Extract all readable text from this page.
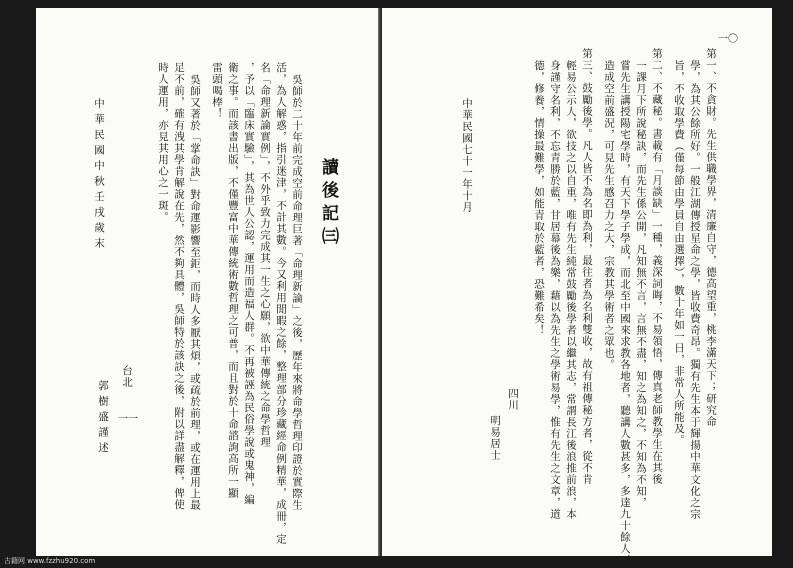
一〇
第一、不貪財。先生供職學界，清廉自守，德高望重，桃李滿天下；研究命
學，為其公餘所好。一般江湖傳授星命之學，皆收費奇昂。獨有先生本于輝揚中華文化之宗
旨，不收取學費（僅每節由學員自由選擇），數十年如一日，非常人所能及。
第二、不藏秘。書載有「月談缺」一種，義深詞晦，不易領悟，傳真老師教學生在其後
一課月下所說秘訣，而先生係公開，凡知無不言，言無不盡，知之為知之，不知為不知，
嘗先生講授陽宅學時，有天下學子學成，而北至中國來求教各地者，聽講人數甚多，多達九十餘人，
造成空前盛況，可見先生感召力之大，宗教其學術者之眾也。
第三、鼓勵後學。凡人皆不為名即為利，最往者為名利雙收，故有祖傳秘方者，從不肯
輕易公示人，欲技之以自重，唯有先生純常鼓勵後學者以繼其志，常謂長江後浪推前浪，本
身謹守名利，不忘青勝於藍，甘居幕後為樂，藉以為先生之學術易學，惟有先生之文章，道
德，修養，情操最難學，如能青取於藍者，恐難希矣！
中華民國七十一年十月
四川
明易居士
讀後記㈢
吳師於二十年前完成空前命理巨著「命理新論」之後，歷年來將命學哲理印證於實際生
活，為人解惑，指引迷津，不計其數。今又利用閒暇之餘，整理部分珍藏經命例精華，成冊，定
名「命理新論實例」，不外乎致力完成其一生之心願，欲中華傳統之命學哲理
，予以「臨床實驗」，其為世人公認，運用而造福人群。不再被誣為民俗學說或鬼神，編
衛之事。而該書出版，不僅豐富中華傳統術數哲理之可普，而且對於十命諮詢高所一顯
雷頭喝棒！
吳師又著於「掌命訣」對命運影響至鉅，而時人多厭其煩，或疏於前理，或在運用上最
足不前，確有洩其學肯解說在先，然不夠具體，吳師特於該訣之後，附以詳盡解釋，俾使
時人運用，亦見其用心之一斑。
中華民國中秋壬戌歲末
台北
郭樹盛謹述 一一
古籍网 www.fzzhu920.com
